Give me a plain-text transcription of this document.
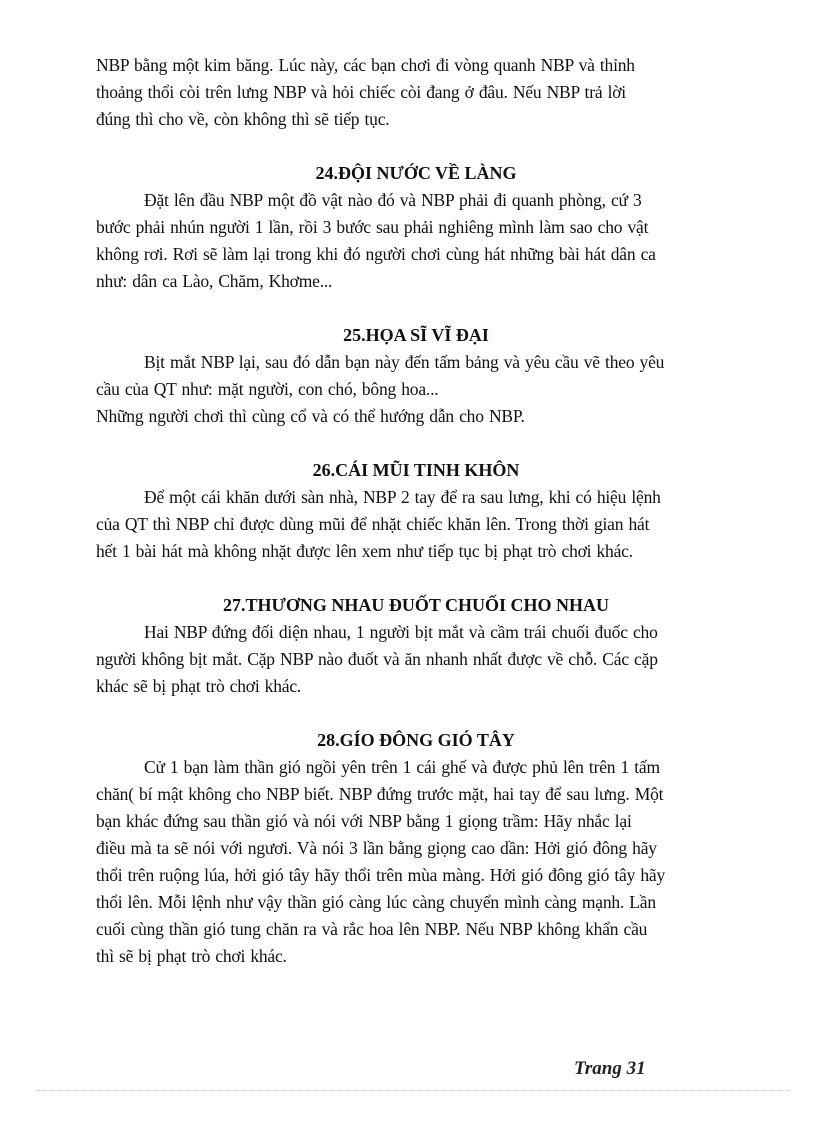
NBP bằng một kim băng. Lúc này, các bạn chơi đi vòng quanh NBP và thỉnh

thoảng thổi còi trên lưng NBP và hỏi chiếc còi đang ở đâu. Nếu NBP trả lời

đúng thì cho về, còn không thì sẽ tiếp tục.

24.ĐỘI NƯỚC VỀ LÀNG

Đặt lên đầu NBP một đồ vật nào đó và NBP phải đi quanh phòng, cứ 3

bước phải nhún người 1 lần, rồi 3 bước sau phải nghiêng mình làm sao cho vật

không rơi. Rơi sẽ làm lại trong khi đó người chơi cùng hát những bài hát dân ca

như: dân ca Lào, Chăm, Khơme...

25.HỌA SĨ VĨ ĐẠI

Bịt mắt NBP lại, sau đó dẫn bạn này đến tấm bảng và yêu cầu vẽ theo yêu

cầu của QT như: mặt người, con chó, bông hoa...

Những người chơi thì cùng cổ và có thể hướng dẫn cho NBP.

26.CÁI MŨI TINH KHÔN

Để một cái khăn dưới sàn nhà, NBP 2 tay để ra sau lưng, khi có hiệu lệnh

của QT thì NBP chỉ được dùng mũi để nhặt chiếc khăn lên. Trong thời gian hát

hết 1 bài hát mà không nhặt được lên xem như tiếp tục bị phạt trò chơi khác.

27.THƯƠNG NHAU ĐUỐT CHUỐI CHO NHAU

Hai NBP đứng đối diện nhau, 1 người bịt mắt và cầm trái chuối đuốc cho

người không bịt mắt. Cặp NBP nào đuốt và ăn nhanh nhất được về chỗ. Các cặp

khác sẽ bị phạt trò chơi khác.

28.GÍO ĐÔNG GIÓ TÂY

Cử 1 bạn làm thần gió ngồi yên trên 1 cái ghế và được phủ lên trên 1 tấm

chăn( bí mật không cho NBP biết. NBP đứng trước mặt, hai tay để sau lưng. Một

bạn khác đứng sau thần gió và nói với NBP bằng 1 giọng trầm: Hãy nhắc lại

điều mà ta sẽ nói với ngươi. Và nói 3 lần bằng giọng cao dần: Hởi gió đông hãy

thổi trên ruộng lúa, hởi gió tây hãy thổi trên mùa màng. Hởi gió đông gió tây hãy

thổi lên. Mỗi lệnh như vậy thần gió càng lúc càng chuyển mình càng mạnh. Lần

cuối cùng thần gió tung chăn ra và rắc hoa lên NBP. Nếu NBP không khẩn cầu

thì sẽ bị phạt trò chơi khác.

Trang 31
